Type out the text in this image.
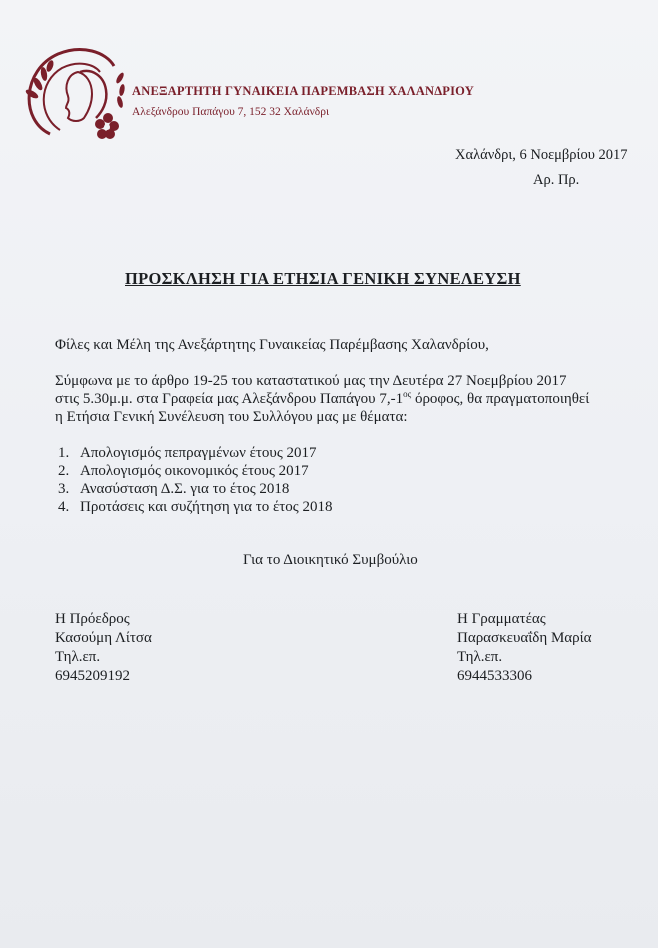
ΑΝΕΞΑΡΤΗΤΗ ΓΥΝΑΙΚΕΙΑ ΠΑΡΕΜΒΑΣΗ ΧΑΛΑΝΔΡΙΟΥ
Αλεξάνδρου Παπάγου 7, 152 32 Χαλάνδρι
Χαλάνδρι, 6 Νοεμβρίου 2017
Αρ. Πρ.
ΠΡΟΣΚΛΗΣΗ ΓΙΑ ΕΤΗΣΙΑ ΓΕΝΙΚΗ ΣΥΝΕΛΕΥΣΗ
Φίλες και Μέλη της Ανεξάρτητης Γυναικείας Παρέμβασης Χαλανδρίου,
Σύμφωνα με το άρθρο 19-25 του καταστατικού μας την Δευτέρα 27 Νοεμβρίου 2017
στις 5.30μ.μ. στα Γραφεία μας Αλεξάνδρου Παπάγου $7,-1^{o\varsigma}$ όροφος, θα πραγματοποιηθεί
η Ετήσια Γενική Συνέλευση του Συλλόγου μας με θέματα:
1. Απολογισμός πεπραγμένων έτους 2017
2. Απολογισμός οικονομικός έτους 2017
3. Ανασύσταση Δ.Σ. για το έτος 2018
4. Προτάσεις και συζήτηση για το έτος 2018
Για το Διοικητικό Συμβούλιο
Η Πρόεδρος
Κασούμη Λίτσα
Τηλ.επ.
6945209192
Η Γραμματέας
Παρασκευαΐδη Μαρία
Τηλ.επ.
6944533306
